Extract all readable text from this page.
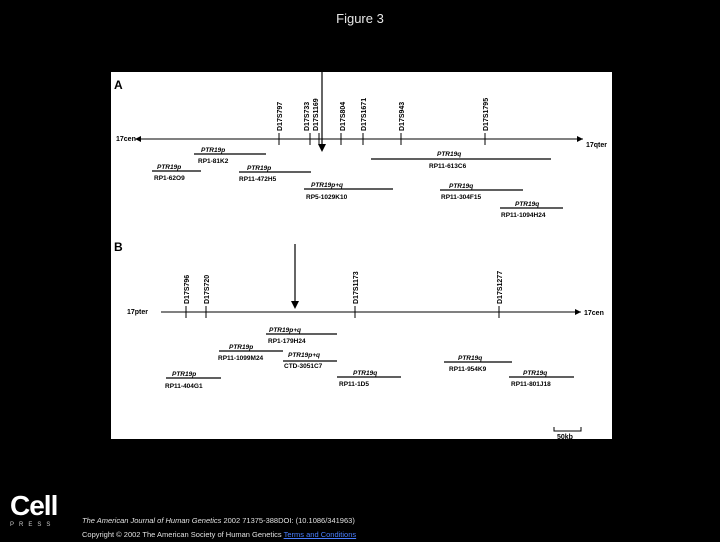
Figure 3
A
17cen
17qter
D17S797	D17S733 D17S1169	D17S804 D17S1671	D17S943	D17S1795
PTR19p
RP1-81K2
PTR19p
RP1-62O9
PTR19p
RP11-472H5
PTR19q
RP11-613C6
PTR19p+q
RP5-1029K10
PTR19q
RP11-304F15
PTR19q
RP11-1094H24
B
17pter	17cen
D17S796 D17S720	D17S1173	D17S1277
PTR19p+q
RP1-179H24
PTR19p
RP11-1099M24	PTR19p+q
CTD-3051C7
PTR19p
RP11-404G1
PTR19q
RP11-1D5
PTR19q
RP11-954K9
PTR19q
RP11-801J18
50kb
Cell
PRESS	The American Journal of Human Genetics 2002 71375-388DOI: (10.1086/341963)
Copyright © 2002 The American Society of Human Genetics Terms and Conditions
